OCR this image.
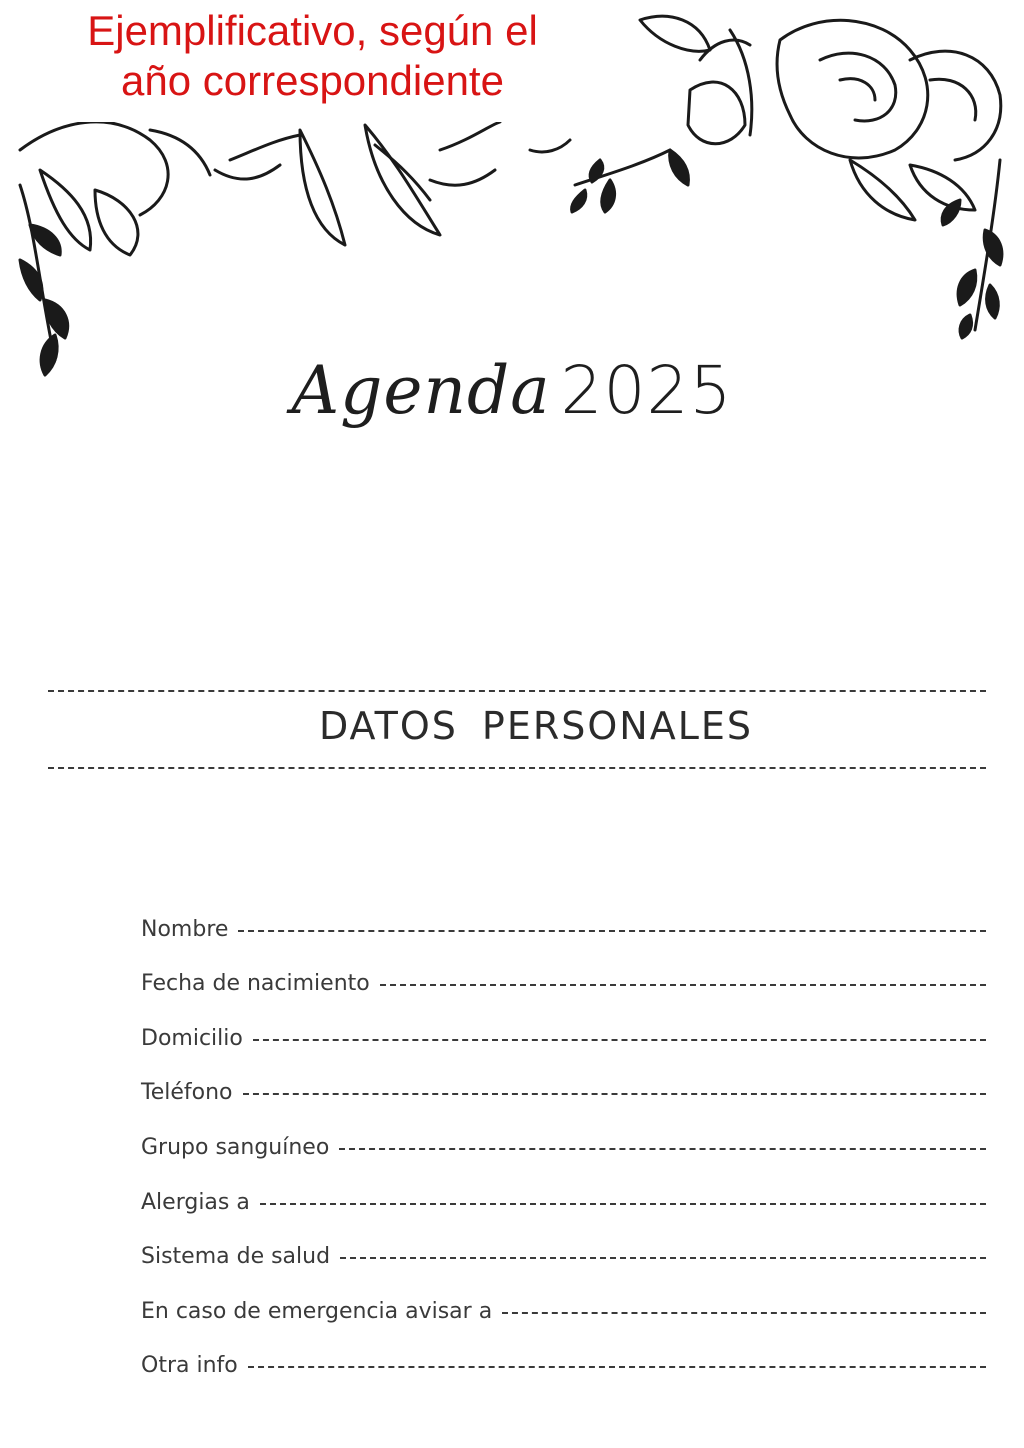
Ejemplificativo, según el
año correspondiente
Agenda 2025
DATOS PERSONALES
Nombre
Fecha de nacimiento
Domicilio
Teléfono
Grupo sanguíneo
Alergias a
Sistema de salud
En caso de emergencia avisar a
Otra info
